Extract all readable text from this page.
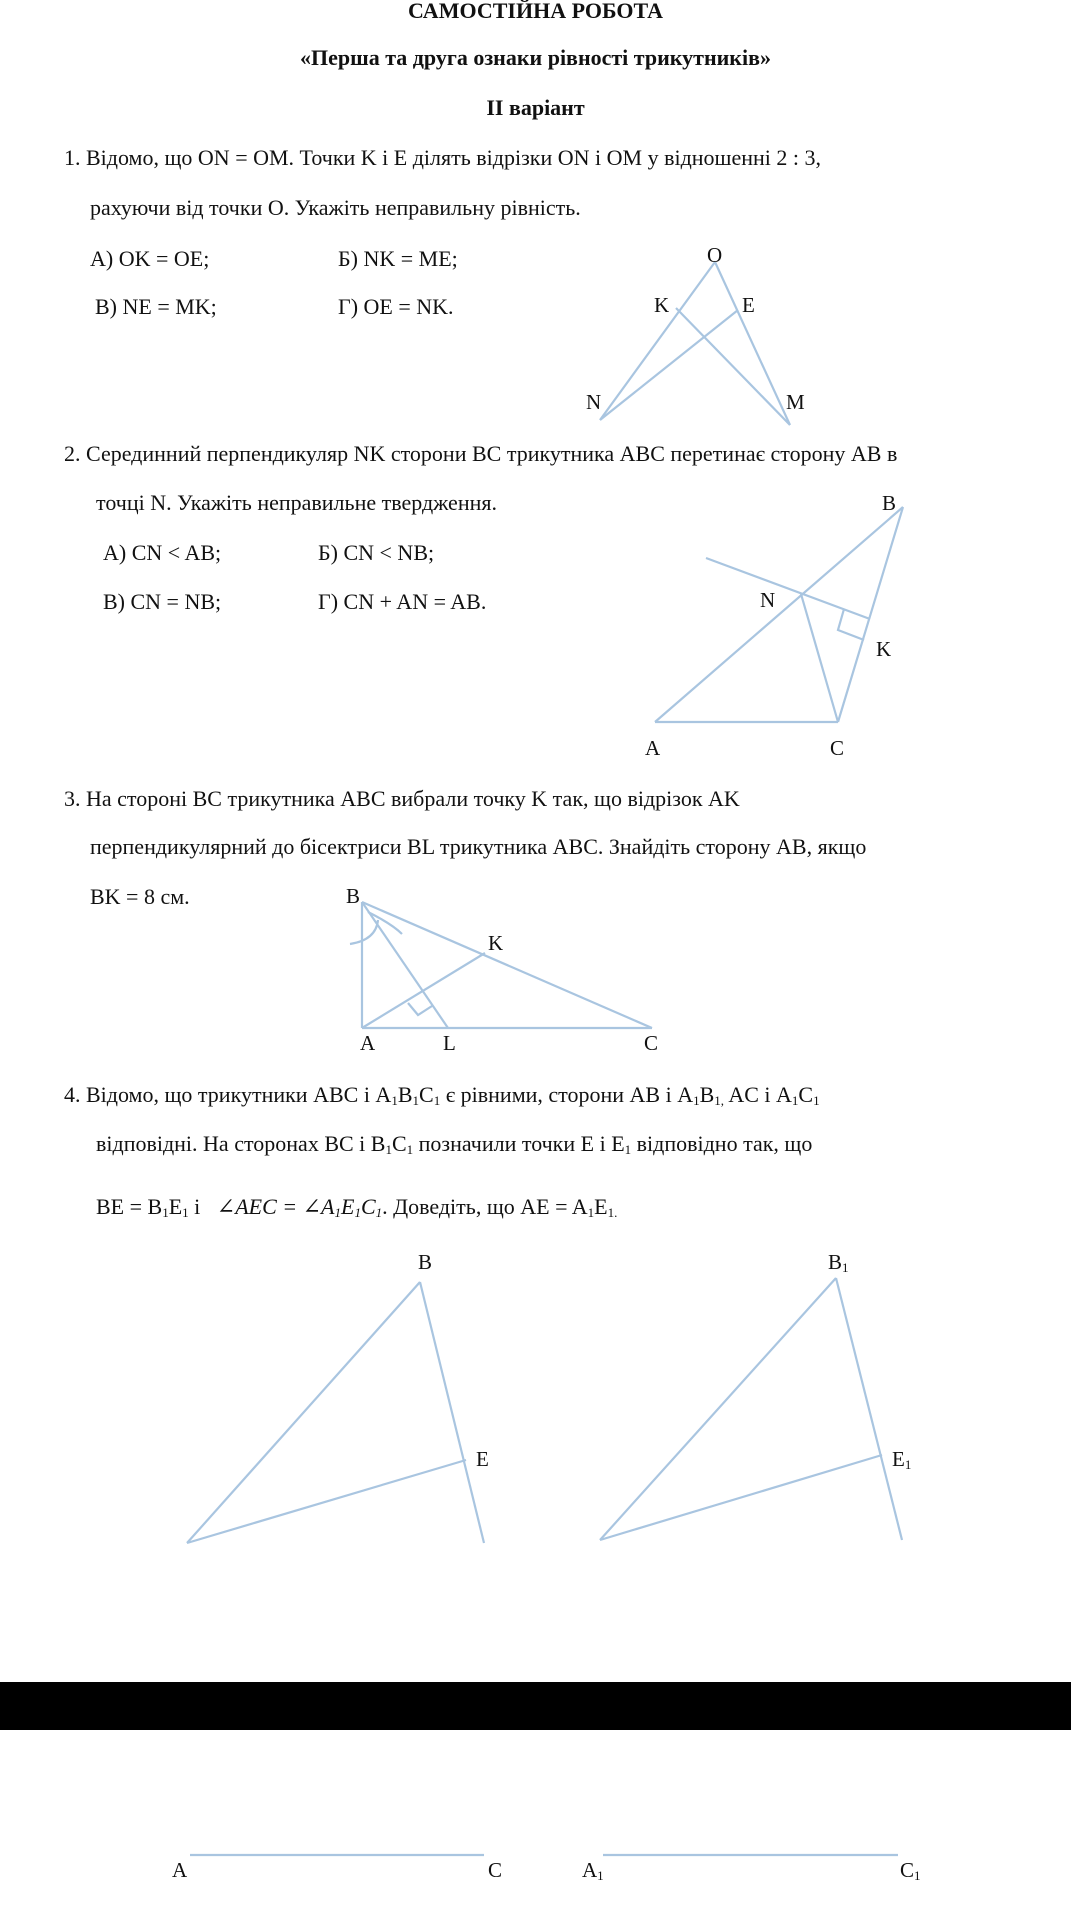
САМОСТІЙНА РОБОТА
«Перша та друга ознаки рівності трикутників»
ІІ варіант
1. Відомо, що ON = OM. Точки K і E ділять відрізки ON і OM у відношенні 2 : 3,
рахуючи від точки O. Укажіть неправильну рівність.
А) OK = OE;	Б) NK = ME;
В) NE = MK;	Г) OE = NK.
O
K	E
N	M
2. Серединний перпендикуляр NK сторони BC трикутника ABC перетинає сторону AB в
точці N. Укажіть неправильне твердження.
А) CN < AB;	Б) CN < NB;
В) CN = NB;	Г) CN + AN = AB.
B
N
K
A	C
3. На стороні BC трикутника ABC вибрали точку K так, що відрізок AK
перпендикулярний до бісектриси BL трикутника ABC. Знайдіть сторону AB, якщо
BK = 8 см.	B
K
A	L	C
4. Відомо, що трикутники ABC і $A_1B_1C_1$ є рівними, сторони AB і $A_1B_{1,}$ AC і $A_1C_1$
відповідні. На сторонах BC і $B_1C_1$ позначили точки E і $E_1$ відповідно так, що
BE = $B_1E_1$ і ∠AEC = $\angle A_1E_1C_1$. Доведіть, що AE = $A_1E_{1.}$
B
E
$B_1$
$E_1$
A	C	$A_1$	$C_1$
